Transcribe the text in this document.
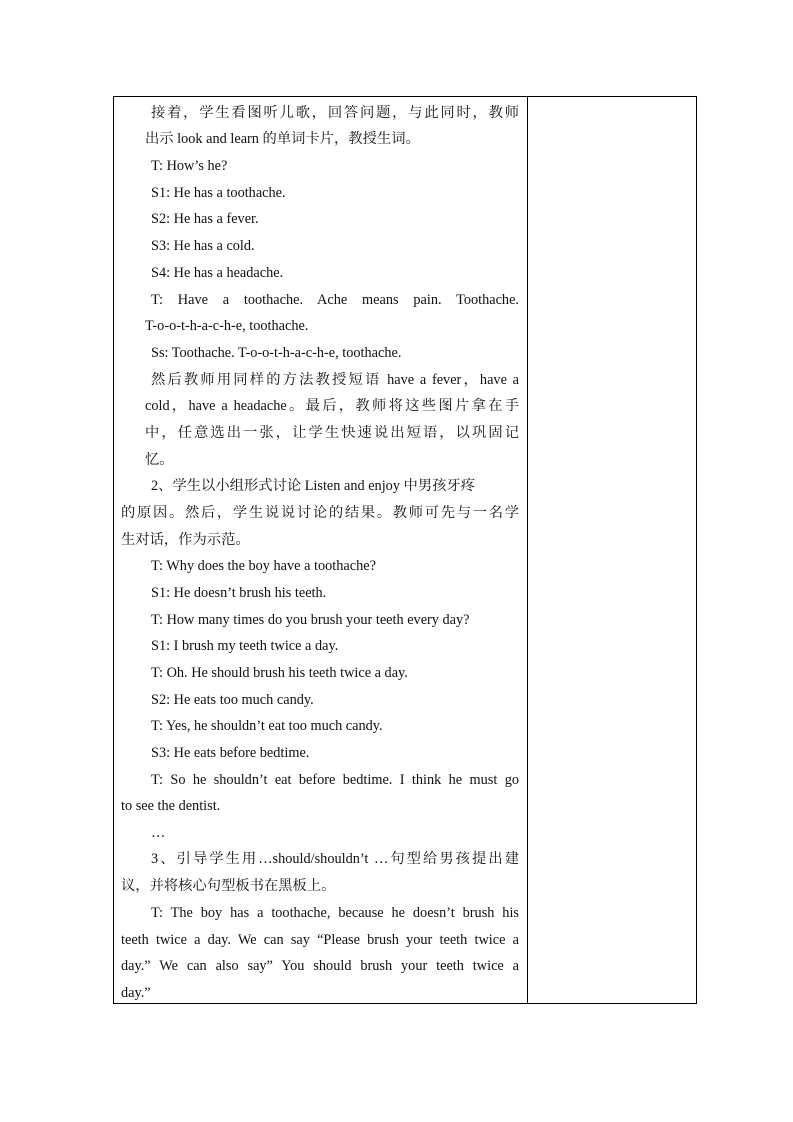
接着，学生看图听儿歌，回答问题，与此同时，教师
出示 look and learn 的单词卡片，教授生词。
T: How’s he?
S1: He has a toothache.
S2: He has a fever.
S3: He has a cold.
S4: He has a headache.
T: Have a toothache. Ache means pain. Toothache.
T-o-o-t-h-a-c-h-e, toothache.
Ss: Toothache. T-o-o-t-h-a-c-h-e, toothache.
然后教师用同样的方法教授短语 have a fever，have a
cold，have a headache。最后，教师将这些图片拿在手
中，任意选出一张，让学生快速说出短语，以巩固记
忆。
2、学生以小组形式讨论 Listen and enjoy 中男孩牙疼
的原因。然后，学生说说讨论的结果。教师可先与一名学
生对话，作为示范。
T: Why does the boy have a toothache?
S1: He doesn’t brush his teeth.
T: How many times do you brush your teeth every day?
S1: I brush my teeth twice a day.
T: Oh. He should brush his teeth twice a day.
S2: He eats too much candy.
T: Yes, he shouldn’t eat too much candy.
S3: He eats before bedtime.
T: So he shouldn’t eat before bedtime. I think he must go
to see the dentist.
…
3、引导学生用…should/shouldn’t …句型给男孩提出建
议，并将核心句型板书在黑板上。
T: The boy has a toothache, because he doesn’t brush his
teeth twice a day. We can say “Please brush your teeth twice a
day.” We can also say” You should brush your teeth twice a
day.”
